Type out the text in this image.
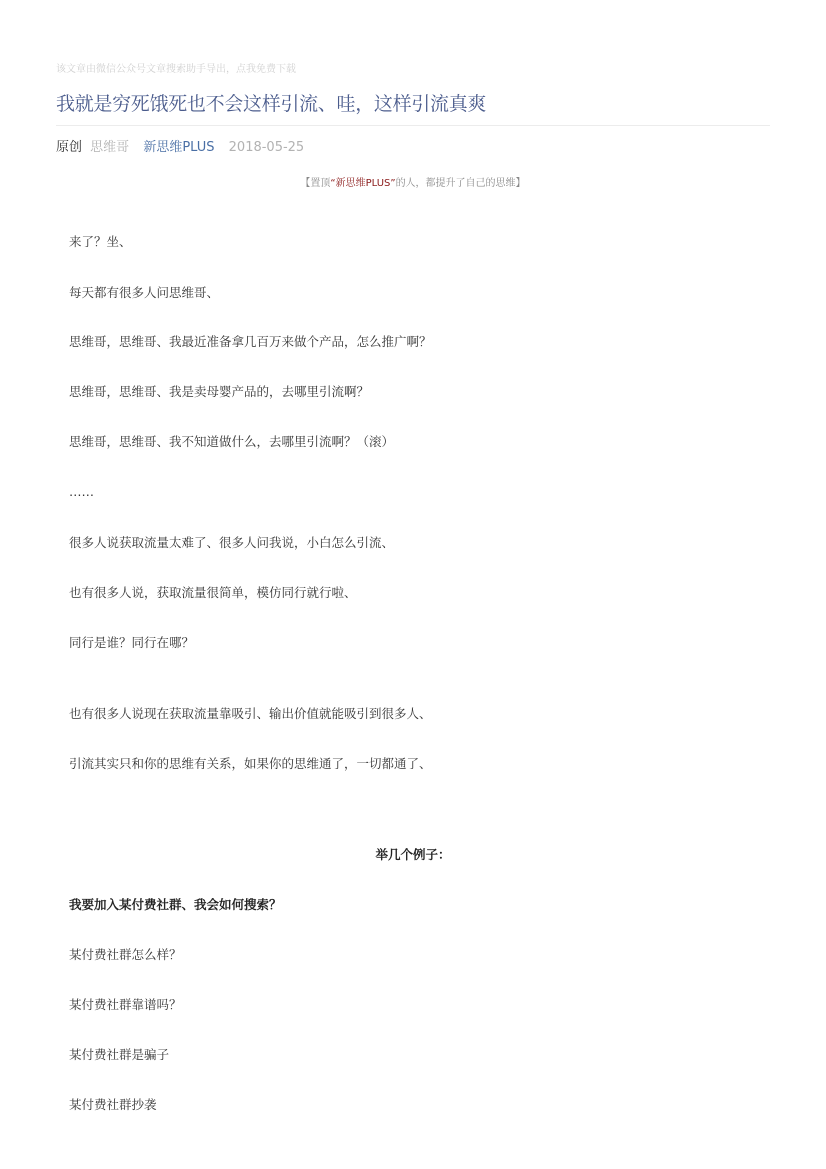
该文章由微信公众号文章搜索助手导出，点我免费下载
我就是穷死饿死也不会这样引流、哇，这样引流真爽
原创 思维哥 新思维PLUS 2018-05-25
【置顶“新思维PLUS”的人，都提升了自己的思维】
来了？坐、
每天都有很多人问思维哥、
思维哥，思维哥、我最近准备拿几百万来做个产品，怎么推广啊？
思维哥，思维哥、我是卖母婴产品的，去哪里引流啊？
思维哥，思维哥、我不知道做什么，去哪里引流啊？（滚）
……
很多人说获取流量太难了、很多人问我说，小白怎么引流、
也有很多人说，获取流量很简单，模仿同行就行啦、
同行是谁？同行在哪？
也有很多人说现在获取流量靠吸引、输出价值就能吸引到很多人、
引流其实只和你的思维有关系，如果你的思维通了，一切都通了、
举几个例子：
我要加入某付费社群、我会如何搜索？
某付费社群怎么样？
某付费社群靠谱吗？
某付费社群是骗子
某付费社群抄袭
